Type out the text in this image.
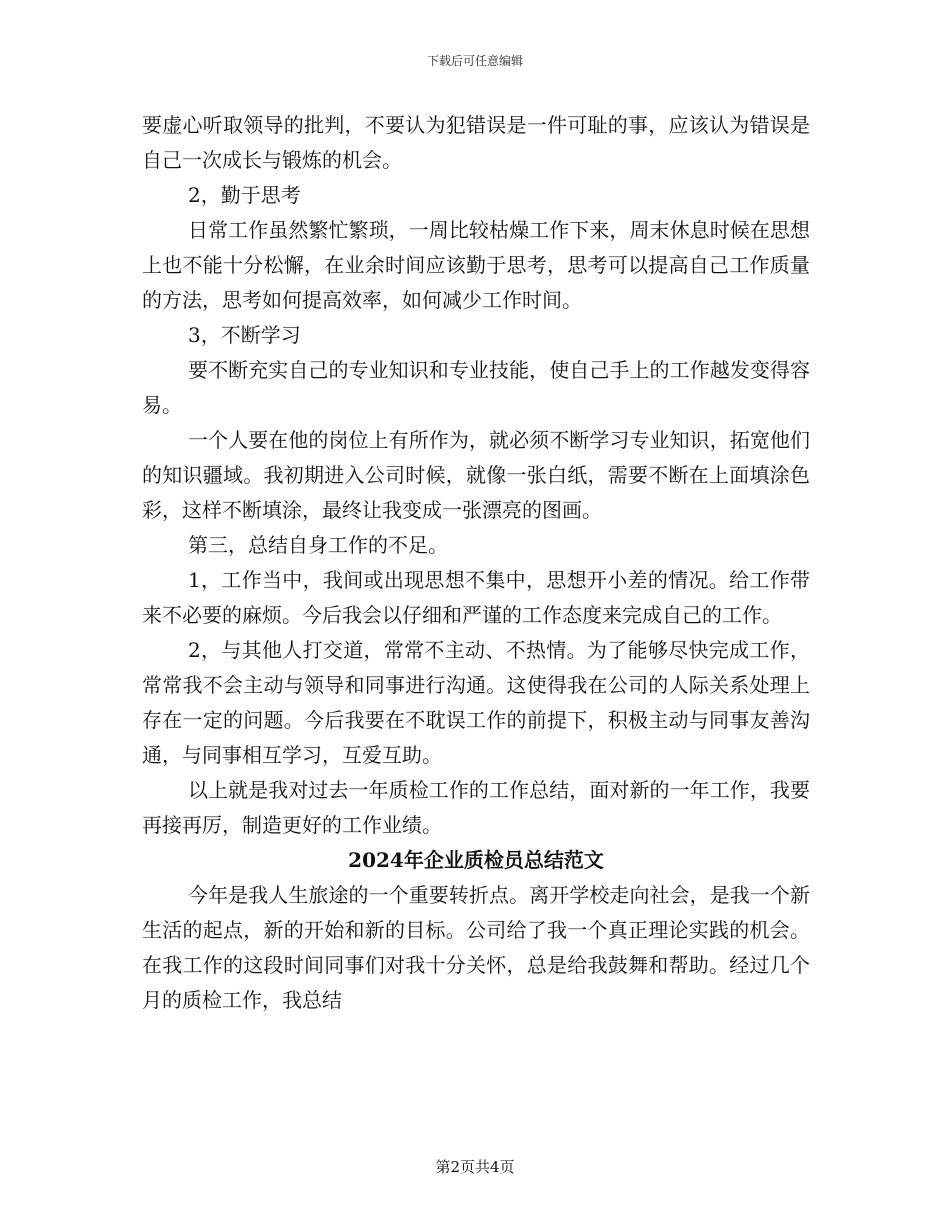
下载后可任意编辑

要虚心听取领导的批判，不要认为犯错误是一件可耻的事，应该认为错误是自己一次成长与锻炼的机会。

2，勤于思考

日常工作虽然繁忙繁琐，一周比较枯燥工作下来，周末休息时候在思想上也不能十分松懈，在业余时间应该勤于思考，思考可以提高自己工作质量的方法，思考如何提高效率，如何减少工作时间。

3，不断学习

要不断充实自己的专业知识和专业技能，使自己手上的工作越发变得容易。

一个人要在他的岗位上有所作为，就必须不断学习专业知识，拓宽他们的知识疆域。我初期进入公司时候，就像一张白纸，需要不断在上面填涂色彩，这样不断填涂，最终让我变成一张漂亮的图画。

第三，总结自身工作的不足。

1，工作当中，我间或出现思想不集中，思想开小差的情况。给工作带来不必要的麻烦。今后我会以仔细和严谨的工作态度来完成自己的工作。

2，与其他人打交道，常常不主动、不热情。为了能够尽快完成工作，常常我不会主动与领导和同事进行沟通。这使得我在公司的人际关系处理上存在一定的问题。今后我要在不耽误工作的前提下，积极主动与同事友善沟通，与同事相互学习，互爱互助。

以上就是我对过去一年质检工作的工作总结，面对新的一年工作，我要再接再厉，制造更好的工作业绩。

2024年企业质检员总结范文

今年是我人生旅途的一个重要转折点。离开学校走向社会，是我一个新生活的起点，新的开始和新的目标。公司给了我一个真正理论实践的机会。在我工作的这段时间同事们对我十分关怀，总是给我鼓舞和帮助。经过几个月的质检工作，我总结

第2页共4页
